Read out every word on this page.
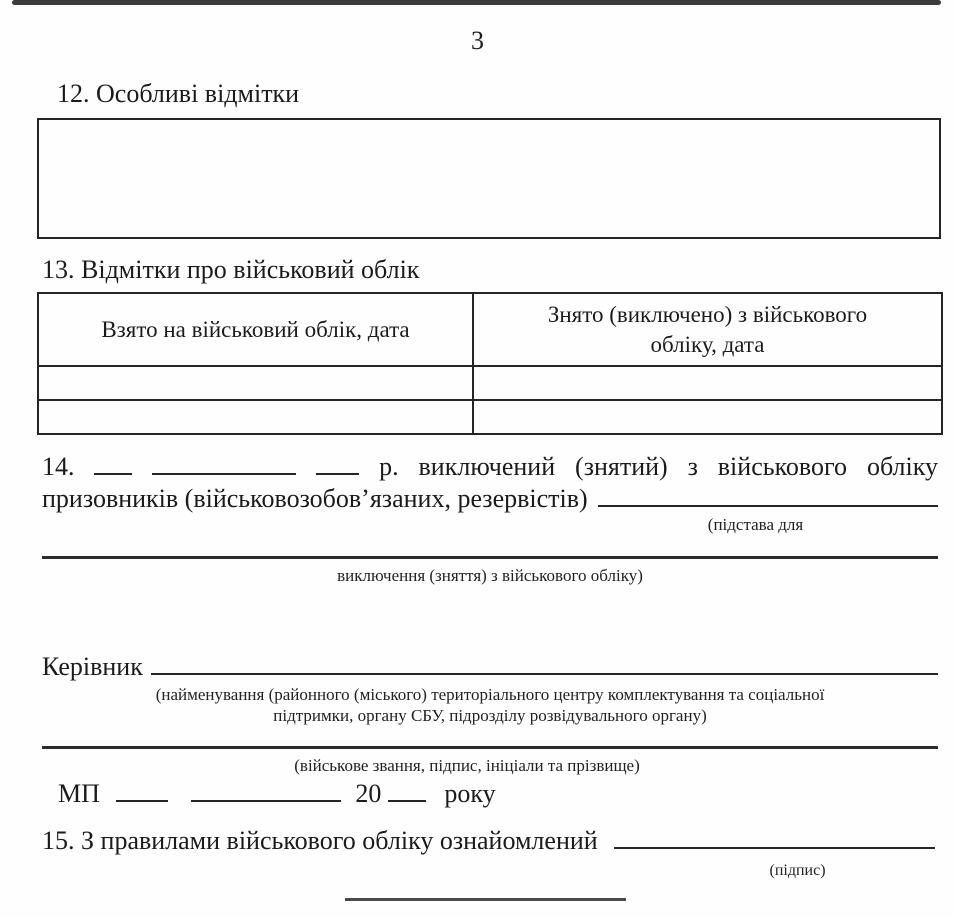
3
12. Особливі відмітки
13. Відмітки про військовий облік
Взято на військовий облік, дата	Знято (виключено) з військового обліку, дата

14.	р. виключений (знятий) з військового обліку
призовників (військовозобов’язаних, резервістів)
(підстава для
виключення (зняття) з військового обліку)
Керівник
(найменування (районного (міського) територіального центру комплектування та соціальної
підтримки, органу СБУ, підрозділу розвідувального органу)
(військове звання, підпис, ініціали та прізвище)
МП	20 року
15. З правилами військового обліку ознайомлений
(підпис)
